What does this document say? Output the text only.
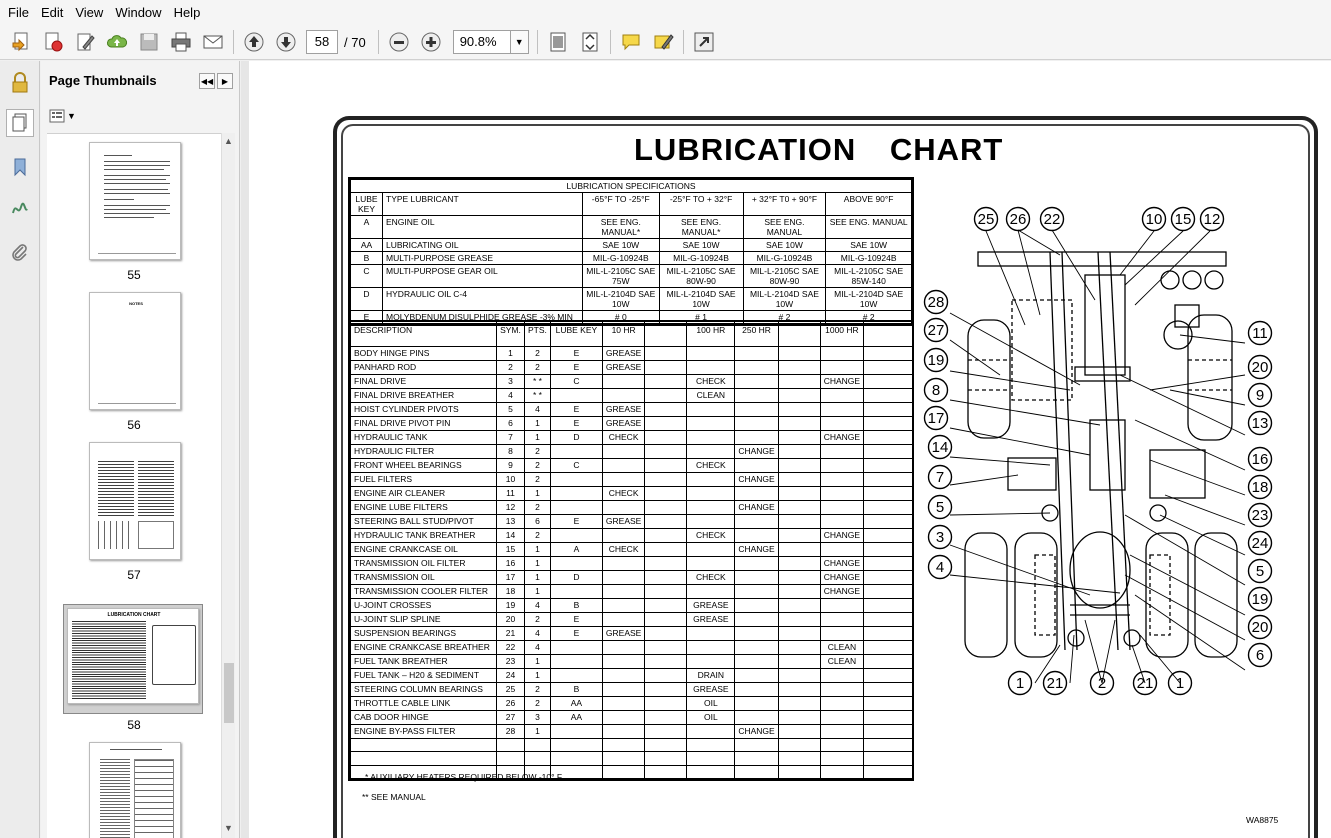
File Edit View Window Help
58	/ 70	90.8%	▼
Page Thumbnails	◀◀ ▶
▼
55
NOTES
56
57
LUBRICATION CHART
58
▲
▼
LUBRICATION CHART
LUBRICATION SPECIFICATIONS					
LUBE KEY	TYPE LUBRICANT	-65°F TO -25°F	-25°F TO + 32°F	+ 32°F T0 + 90°F	ABOVE 90°F
A	ENGINE OIL	SEE ENG. MANUAL*	SEE ENG. MANUAL*	SEE ENG. MANUAL	SEE ENG. MANUAL
AA	LUBRICATING OIL	SAE 10W	SAE 10W	SAE 10W	SAE 10W
B	MULTI-PURPOSE GREASE	MIL-G-10924B	MIL-G-10924B	MIL-G-10924B	MIL-G-10924B
C	MULTI-PURPOSE GEAR OIL	MIL-L-2105C SAE 75W	MIL-L-2105C SAE 80W-90	MIL-L-2105C SAE 80W-90	MIL-L-2105C SAE 85W-140
D	HYDRAULIC OIL C-4	MIL-L-2104D SAE 10W	MIL-L-2104D SAE 10W	MIL-L-2104D SAE 10W	MIL-L-2104D SAE 10W
E	MOLYBDENUM DISULPHIDE GREASE -3% MIN	# 0	# 1	# 2	# 2
DESCRIPTION	SYM.	PTS.	LUBE KEY	10 HR		100 HR	250 HR		1000 HR	
BODY HINGE PINS	1	2	E	GREASE						
PANHARD ROD	2	2	E	GREASE						
FINAL DRIVE	3	* *	C			CHECK			CHANGE	
FINAL DRIVE BREATHER	4	* *				CLEAN				
HOIST CYLINDER PIVOTS	5	4	E	GREASE						
FINAL DRIVE PIVOT PIN	6	1	E	GREASE						
HYDRAULIC TANK	7	1	D	CHECK					CHANGE	
HYDRAULIC FILTER	8	2					CHANGE			
FRONT WHEEL BEARINGS	9	2	C			CHECK				
FUEL FILTERS	10	2					CHANGE			
ENGINE AIR CLEANER	11	1		CHECK						
ENGINE LUBE FILTERS	12	2					CHANGE			
STEERING BALL STUD/PIVOT	13	6	E	GREASE						
HYDRAULIC TANK BREATHER	14	2				CHECK			CHANGE	
ENGINE CRANKCASE OIL	15	1	A	CHECK			CHANGE			
TRANSMISSION OIL FILTER	16	1							CHANGE	
TRANSMISSION OIL	17	1	D			CHECK			CHANGE	
TRANSMISSION COOLER FILTER	18	1							CHANGE	
U-JOINT CROSSES	19	4	B			GREASE				
U-JOINT SLIP SPLINE	20	2	E			GREASE				
SUSPENSION BEARINGS	21	4	E	GREASE						
ENGINE CRANKCASE BREATHER	22	4							CLEAN	
FUEL TANK BREATHER	23	1							CLEAN	
FUEL TANK – H20 & SEDIMENT	24	1				DRAIN				
STEERING COLUMN BEARINGS	25	2	B			GREASE				
THROTTLE CABLE LINK	26	2	AA			OIL				
CAB DOOR HINGE	27	3	AA			OIL				
ENGINE BY-PASS FILTER	28	1					CHANGE			

* AUXILIARY HEATERS REQUIRED BELOW -10° F.
** SEE MANUAL
WA8875
25 26 22	10 15 12
28
27
19
8
17
14
7
5
3
4
11
20
9
13
16
18
23
24
5
19
20
6
1 21 2 21 1
